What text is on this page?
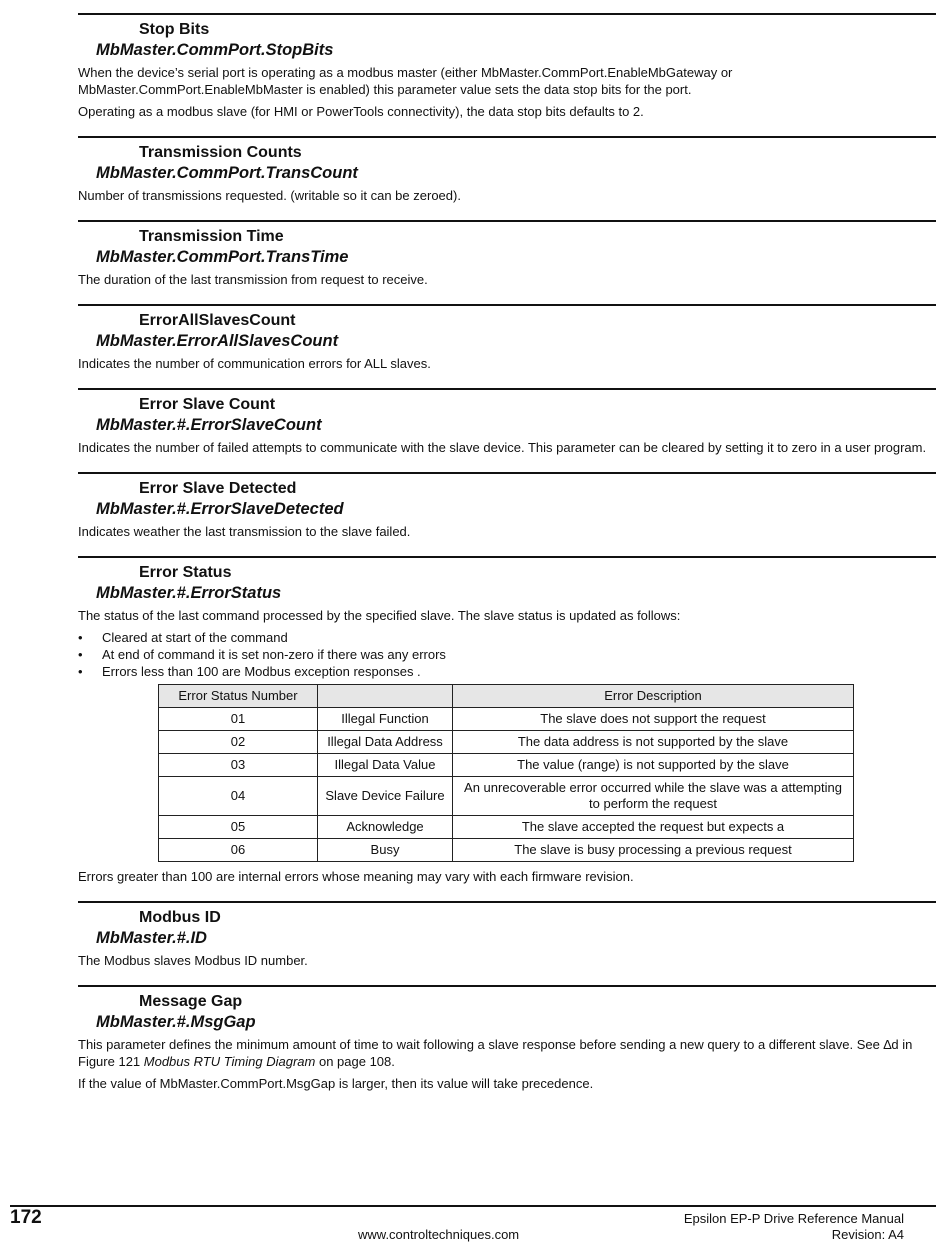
Stop Bits
MbMaster.CommPort.StopBits

When the device’s serial port is operating as a modbus master (either MbMaster.CommPort.EnableMbGateway or MbMaster.CommPort.EnableMbMaster is enabled) this parameter value sets the data stop bits for the port.

Operating as a modbus slave (for HMI or PowerTools connectivity), the data stop bits defaults to 2.

Transmission Counts
MbMaster.CommPort.TransCount

Number of transmissions requested. (writable so it can be zeroed).

Transmission Time
MbMaster.CommPort.TransTime

The duration of the last transmission from request to receive.

ErrorAllSlavesCount
MbMaster.ErrorAllSlavesCount

Indicates the number of communication errors for ALL slaves.

Error Slave Count
MbMaster.#.ErrorSlaveCount

Indicates the number of failed attempts to communicate with the slave device. This parameter can be cleared by setting it to zero in a user program.

Error Slave Detected
MbMaster.#.ErrorSlaveDetected

Indicates weather the last transmission to the slave failed.

Error Status
MbMaster.#.ErrorStatus

The status of the last command processed by the specified slave. The slave status is updated as follows:

• Cleared at start of the command
• At end of command it is set non-zero if there was any errors
• Errors less than 100 are Modbus exception responses .
Error Status Number		Error Description
01	Illegal Function	The slave does not support the request
02	Illegal Data Address	The data address is not supported by the slave
03	Illegal Data Value	The value (range) is not supported by the slave
04	Slave Device Failure	An unrecoverable error occurred while the slave was a attempting to perform the request
05	Acknowledge	The slave accepted the request but expects a
06	Busy	The slave is busy processing a previous request

Errors greater than 100 are internal errors whose meaning may vary with each firmware revision.

Modbus ID
MbMaster.#.ID

The Modbus slaves Modbus ID number.

Message Gap
MbMaster.#.MsgGap

This parameter defines the minimum amount of time to wait following a slave response before sending a new query to a different slave. See ∆d in Figure 121 Modbus RTU Timing Diagram on page 108.

If the value of MbMaster.CommPort.MsgGap is larger, then its value will take precedence.

172	Epsilon EP-P Drive Reference Manual
www.controltechniques.com	Revision: A4
